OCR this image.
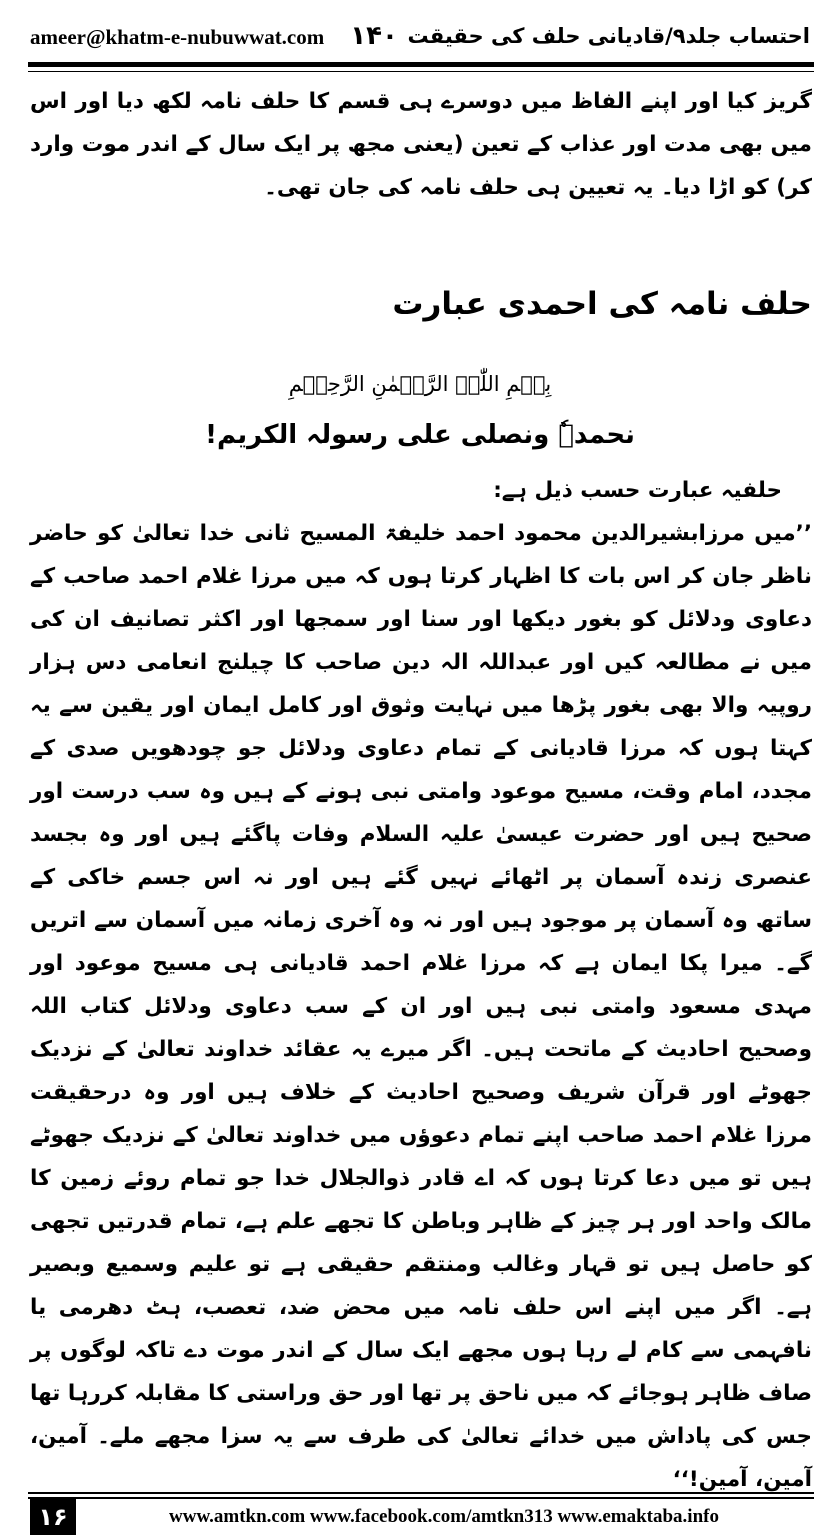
ameer@khatm-e-nubuwwat.com ۱۴۰ احتساب جلد۹/قادیانی حلف کی حقیقت

گریز کیا اور اپنے الفاظ میں دوسرے ہی قسم کا حلف نامہ لکھ دیا اور اس میں بھی مدت اور عذاب کے تعین (یعنی مجھ پر ایک سال کے اندر موت وارد کر) کو اڑا دیا۔ یہ تعیین ہی حلف نامہ کی جان تھی۔

حلف نامہ کی احمدی عبارت
بِسۡمِ اللّٰہِ الرَّحۡمٰنِ الرَّحِیۡمِ
نحمدہٗ ونصلی علی رسولہ الکریم!

حلفیہ عبارت حسب ذیل ہے:

’’میں مرزابشیرالدین محمود احمد خلیفۃ المسیح ثانی خدا تعالیٰ کو حاضر ناظر جان کر اس بات کا اظہار کرتا ہوں کہ میں مرزا غلام احمد صاحب کے دعاوی ودلائل کو بغور دیکھا اور سنا اور سمجھا اور اکثر تصانیف ان کی میں نے مطالعہ کیں اور عبداللہ الہ دین صاحب کا چیلنج انعامی دس ہزار روپیہ والا بھی بغور پڑھا میں نہایت وثوق اور کامل ایمان اور یقین سے یہ کہتا ہوں کہ مرزا قادیانی کے تمام دعاوی ودلائل جو چودھویں صدی کے مجدد، امام وقت، مسیح موعود وامتی نبی ہونے کے ہیں وہ سب درست اور صحیح ہیں اور حضرت عیسیٰ علیہ السلام وفات پاگئے ہیں اور وہ بجسد عنصری زندہ آسمان پر اٹھائے نہیں گئے ہیں اور نہ اس جسم خاکی کے ساتھ وہ آسمان پر موجود ہیں اور نہ وہ آخری زمانہ میں آسمان سے اتریں گے۔ میرا پکا ایمان ہے کہ مرزا غلام احمد قادیانی ہی مسیح موعود اور مہدی مسعود وامتی نبی ہیں اور ان کے سب دعاوی ودلائل کتاب اللہ وصحیح احادیث کے ماتحت ہیں۔ اگر میرے یہ عقائد خداوند تعالیٰ کے نزدیک جھوٹے اور قرآن شریف وصحیح احادیث کے خلاف ہیں اور وہ درحقیقت مرزا غلام احمد صاحب اپنے تمام دعوؤں میں خداوند تعالیٰ کے نزدیک جھوٹے ہیں تو میں دعا کرتا ہوں کہ اے قادر ذوالجلال خدا جو تمام روئے زمین کا مالک واحد اور ہر چیز کے ظاہر وباطن کا تجھے علم ہے، تمام قدرتیں تجھی کو حاصل ہیں تو قہار وغالب ومنتقم حقیقی ہے تو علیم وسمیع وبصیر ہے۔ اگر میں اپنے اس حلف نامہ میں محض ضد، تعصب، ہٹ دھرمی یا نافہمی سے کام لے رہا ہوں مجھے ایک سال کے اندر موت دے تاکہ لوگوں پر صاف ظاہر ہوجائے کہ میں ناحق پر تھا اور حق وراستی کا مقابلہ کررہا تھا جس کی پاداش میں خدائے تعالیٰ کی طرف سے یہ سزا مجھے ملے۔ آمین، آمین، آمین!‘‘

۱۶	www.amtkn.com www.facebook.com/amtkn313 www.emaktaba.info
